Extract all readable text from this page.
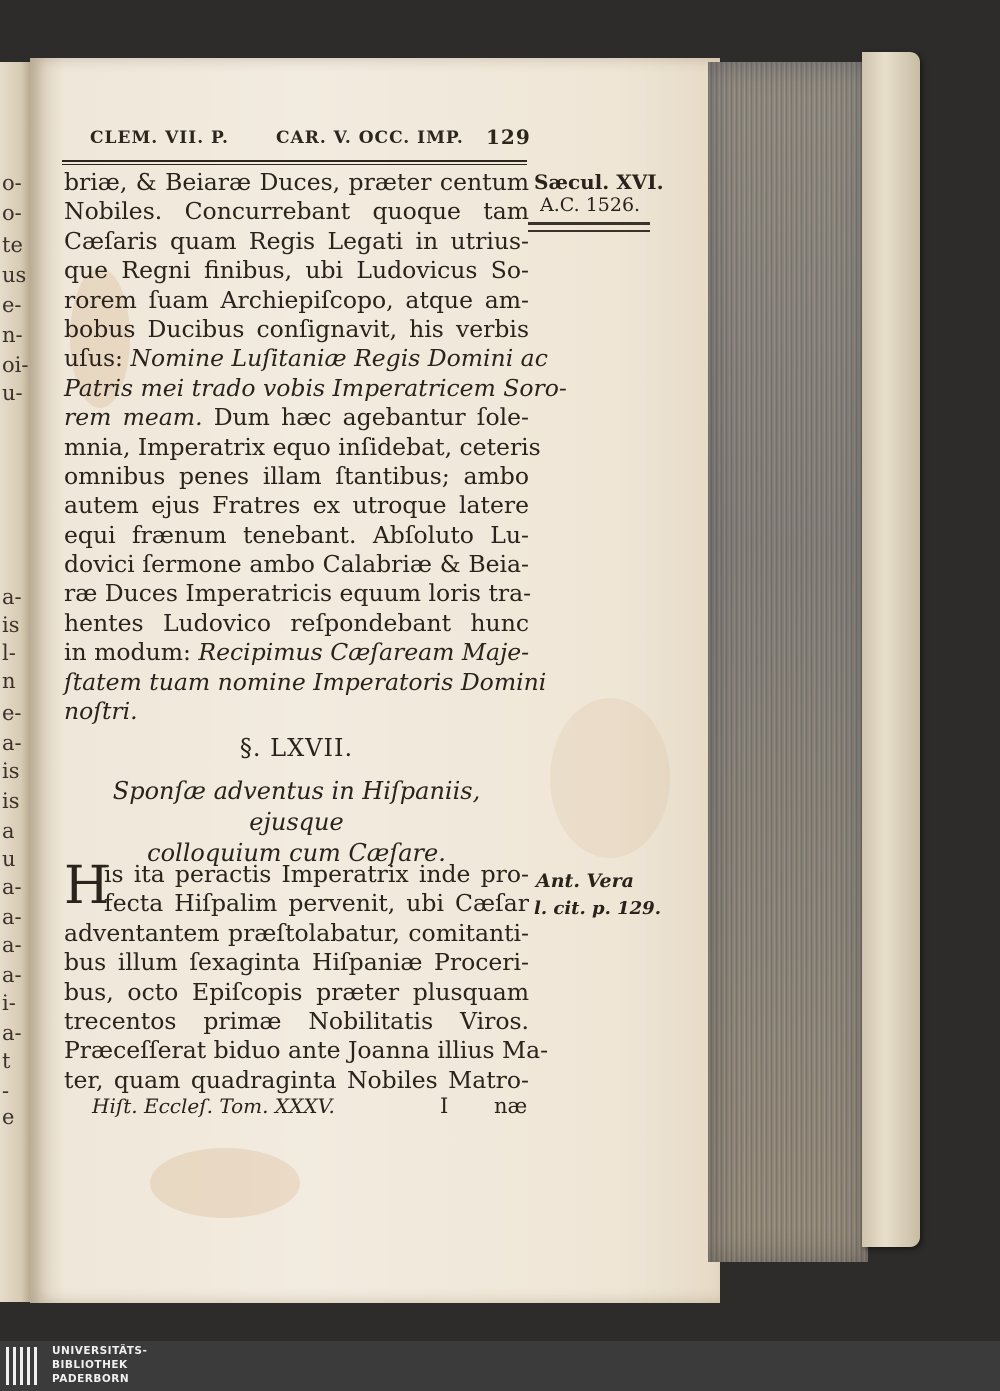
o-
o-
te
us
e-
n-
oi-
u-
a-
is
l-
n
e-
a-
is
is
a
u
a-
a-
a-
a-
i-
a-
t
-
e
CLEM. VII. P.	CAR. V. OCC. IMP. 129
Sæcul. XVI.
A.C. 1526.
briæ, & Beiaræ Duces, præter centum
Nobiles. Concurrebant quoque tam
Cæſaris quam Regis Legati in utrius-
que Regni finibus, ubi Ludovicus So-
rorem ſuam Archiepiſcopo, atque am-
bobus Ducibus conſignavit, his verbis
uſus: Nomine Luſitaniæ Regis Domini ac
Patris mei trado vobis Imperatricem Soro-
rem meam. Dum hæc agebantur ſole-
mnia, Imperatrix equo inſidebat, ceteris
omnibus penes illam ſtantibus; ambo
autem ejus Fratres ex utroque latere
equi frænum tenebant. Abſoluto Lu-
dovici ſermone ambo Calabriæ & Beia-
ræ Duces Imperatricis equum loris tra-
hentes Ludovico reſpondebant hunc
in modum: Recipimus Cæſaream Maje-
ſtatem tuam nomine Imperatoris Domini
noſtri.
§. LXVII.
Sponſæ adventus in Hiſpaniis, ejusque
colloquium cum Cæſare.
H
is ita peractis Imperatrix inde pro-
fecta Hiſpalim pervenit, ubi Cæſar
adventantem præſtolabatur, comitanti-
bus illum ſexaginta Hiſpaniæ Proceri-
bus, octo Epiſcopis præter plusquam
trecentos primæ Nobilitatis Viros.
Præceſſerat biduo ante Joanna illius Ma-
ter, quam quadraginta Nobiles Matro-
Ant. Vera
l. cit. p. 129.
Hiſt. Eccleſ. Tom. XXXV.	I næ
UNIVERSITÄTS-
BIBLIOTHEK
PADERBORN
